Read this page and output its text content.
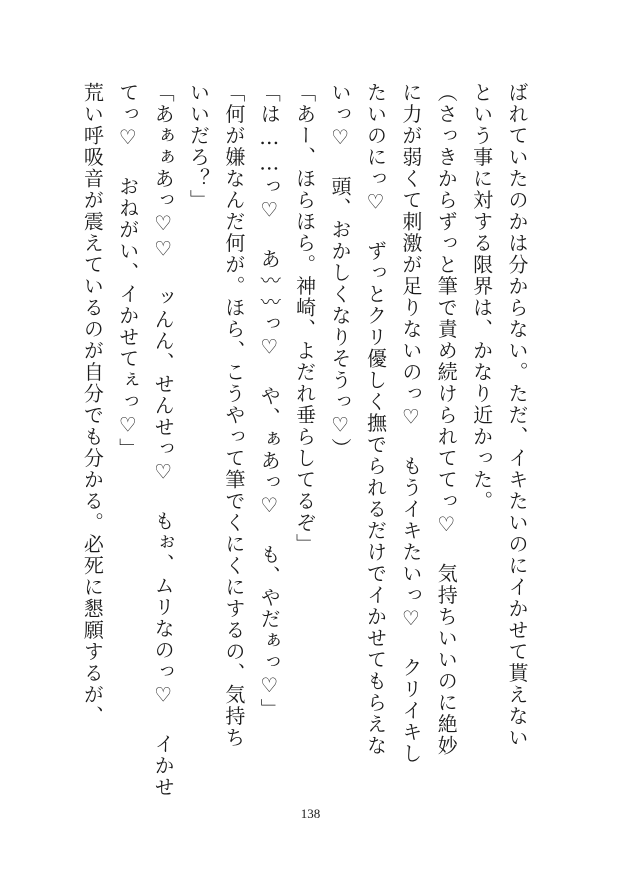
ばれていたのかは分からない。ただ、イキたいのにイかせて貰えない
という事に対する限界は、かなり近かった。
（さっきからずっと筆で責め続けられててっ♡ 気持ちいいのに絶妙
に力が弱くて刺激が足りないのっ♡ もうイキたいっ♡ クリイキし
たいのにっ♡ ずっとクリ優しく撫でられるだけでイかせてもらえな
いっ♡ 頭、おかしくなりそうっ♡）
「あー、ほらほら。神崎、よだれ垂らしてるぞ」
「は……っ♡ あ〰〰っ♡ や、ぁあっ♡ も、やだぁっ♡」
「何が嫌なんだ何が。ほら、こうやって筆でくにくにするの、気持ち
いいだろ？」
「あぁぁあっ♡♡ ッんん、せんせっ♡ もぉ、ムリなのっ♡ イかせ
てっ♡ おねがい、イかせてぇっ♡」
荒い呼吸音が震えているのが自分でも分かる。必死に懇願するが、
138
